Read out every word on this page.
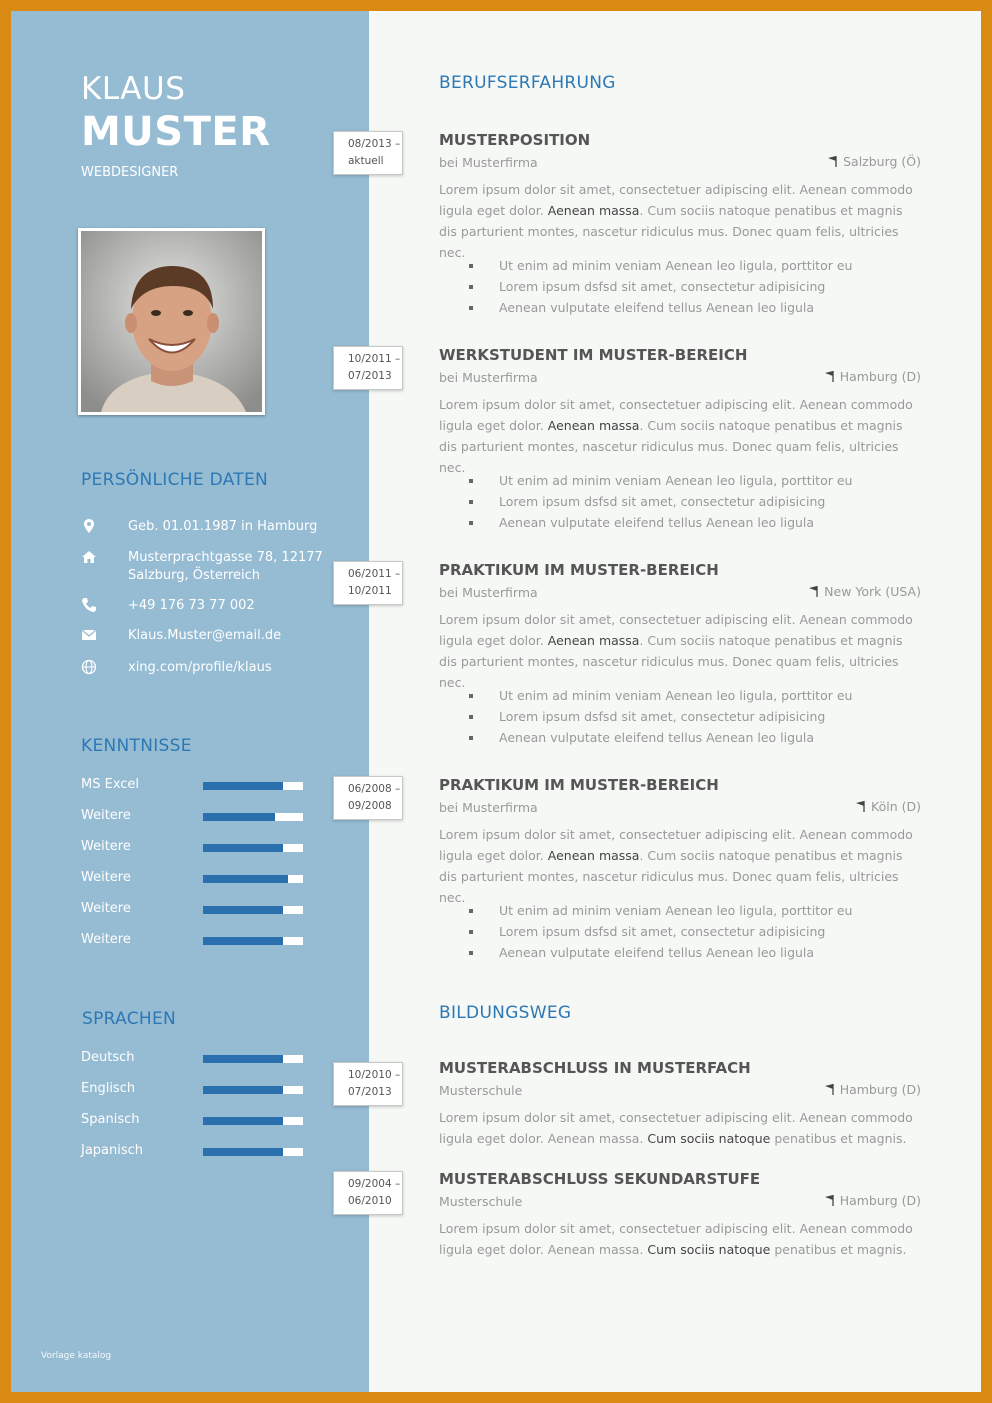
KLAUS
MUSTER
WEBDESIGNER
PERSÖNLICHE DATEN
Geb. 01.01.1987 in Hamburg
Musterprachtgasse 78, 12177
Salzburg, Österreich
+49 176 73 77 002
Klaus.Muster@email.de
xing.com/profile/klaus
KENNTNISSE
MS Excel
Weitere
Weitere
Weitere
Weitere
Weitere
SPRACHEN
Deutsch
Englisch
Spanisch
Japanisch
Vorlage katalog
BERUFSERFAHRUNG
MUSTERPOSITION
bei Musterfirma	Salzburg (Ö)
Lorem ipsum dolor sit amet, consectetuer adipiscing elit. Aenean commodo ligula eget dolor. Aenean massa. Cum sociis natoque penatibus et magnis dis parturient montes, nascetur ridiculus mus. Donec quam felis, ultricies nec.
Ut enim ad minim veniam Aenean leo ligula, porttitor eu
Lorem ipsum dsfsd sit amet, consectetur adipisicing
Aenean vulputate eleifend tellus Aenean leo ligula
WERKSTUDENT IM MUSTER-BEREICH
bei Musterfirma	Hamburg (D)
Lorem ipsum dolor sit amet, consectetuer adipiscing elit. Aenean commodo ligula eget dolor. Aenean massa. Cum sociis natoque penatibus et magnis dis parturient montes, nascetur ridiculus mus. Donec quam felis, ultricies nec.
Ut enim ad minim veniam Aenean leo ligula, porttitor eu
Lorem ipsum dsfsd sit amet, consectetur adipisicing
Aenean vulputate eleifend tellus Aenean leo ligula
PRAKTIKUM IM MUSTER-BEREICH
bei Musterfirma	New York (USA)
Lorem ipsum dolor sit amet, consectetuer adipiscing elit. Aenean commodo ligula eget dolor. Aenean massa. Cum sociis natoque penatibus et magnis dis parturient montes, nascetur ridiculus mus. Donec quam felis, ultricies nec.
Ut enim ad minim veniam Aenean leo ligula, porttitor eu
Lorem ipsum dsfsd sit amet, consectetur adipisicing
Aenean vulputate eleifend tellus Aenean leo ligula
PRAKTIKUM IM MUSTER-BEREICH
bei Musterfirma	Köln (D)
Lorem ipsum dolor sit amet, consectetuer adipiscing elit. Aenean commodo ligula eget dolor. Aenean massa. Cum sociis natoque penatibus et magnis dis parturient montes, nascetur ridiculus mus. Donec quam felis, ultricies nec.
Ut enim ad minim veniam Aenean leo ligula, porttitor eu
Lorem ipsum dsfsd sit amet, consectetur adipisicing
Aenean vulputate eleifend tellus Aenean leo ligula
BILDUNGSWEG
MUSTERABSCHLUSS IN MUSTERFACH
Musterschule	Hamburg (D)
Lorem ipsum dolor sit amet, consectetuer adipiscing elit. Aenean commodo ligula eget dolor. Aenean massa. Cum sociis natoque penatibus et magnis.
MUSTERABSCHLUSS SEKUNDARSTUFE
Musterschule	Hamburg (D)
Lorem ipsum dolor sit amet, consectetuer adipiscing elit. Aenean commodo ligula eget dolor. Aenean massa. Cum sociis natoque penatibus et magnis.
08/2013 –
aktuell
10/2011 –
07/2013
06/2011 –
10/2011
06/2008 –
09/2008
10/2010 –
07/2013
09/2004 –
06/2010
